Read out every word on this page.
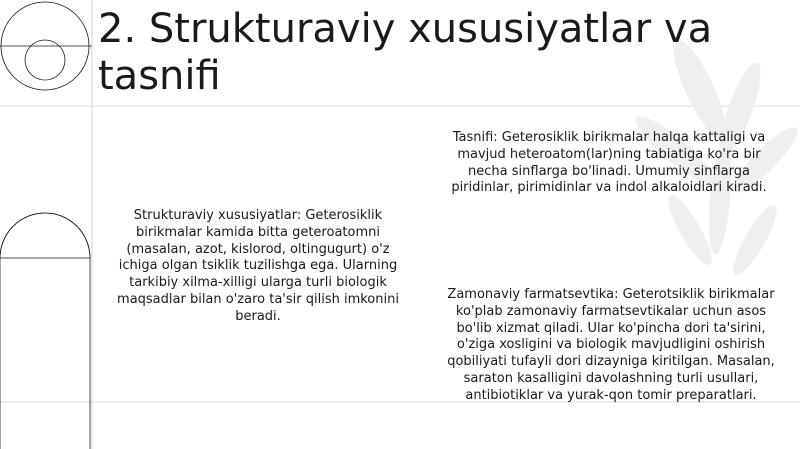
2. Strukturaviy xususiyatlar va tasnifi

Strukturaviy xususiyatlar: Geterosiklik birikmalar kamida bitta geteroatomni (masalan, azot, kislorod, oltingugurt) o'z ichiga olgan tsiklik tuzilishga ega. Ularning tarkibiy xilma-xilligi ularga turli biologik maqsadlar bilan o'zaro ta'sir qilish imkonini beradi.

Tasnifi: Geterosiklik birikmalar halqa kattaligi va mavjud heteroatom(lar)ning tabiatiga ko'ra bir necha sinflarga bo'linadi. Umumiy sinflarga piridinlar, pirimidinlar va indol alkaloidlari kiradi.

Zamonaviy farmatsevtika: Geterotsiklik birikmalar ko'plab zamonaviy farmatsevtikalar uchun asos bo'lib xizmat qiladi. Ular ko'pincha dori ta'sirini, o'ziga xosligini va biologik mavjudligini oshirish qobiliyati tufayli dori dizayniga kiritilgan. Masalan, saraton kasalligini davolashning turli usullari, antibiotiklar va yurak-qon tomir preparatlari.
